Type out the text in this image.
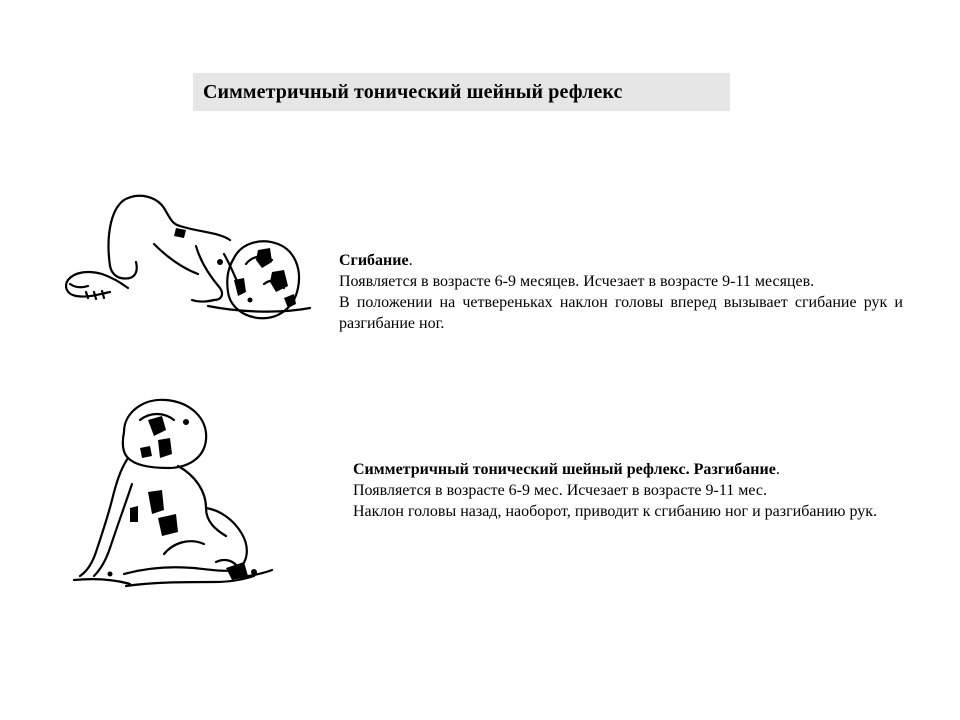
Симметричный тонический шейный рефлекс

Сгибание.

Появляется в возрасте 6-9 месяцев. Исчезает в возрасте 9-11 месяцев.

В положении на четвереньках наклон головы вперед вызывает сгибание рук и разгибание ног.

Симметричный тонический шейный рефлекс. Разгибание.

Появляется в возрасте 6-9 мес. Исчезает в возрасте 9-11 мес.

Наклон головы назад, наоборот, приводит к сгибанию ног и разгибанию рук.
